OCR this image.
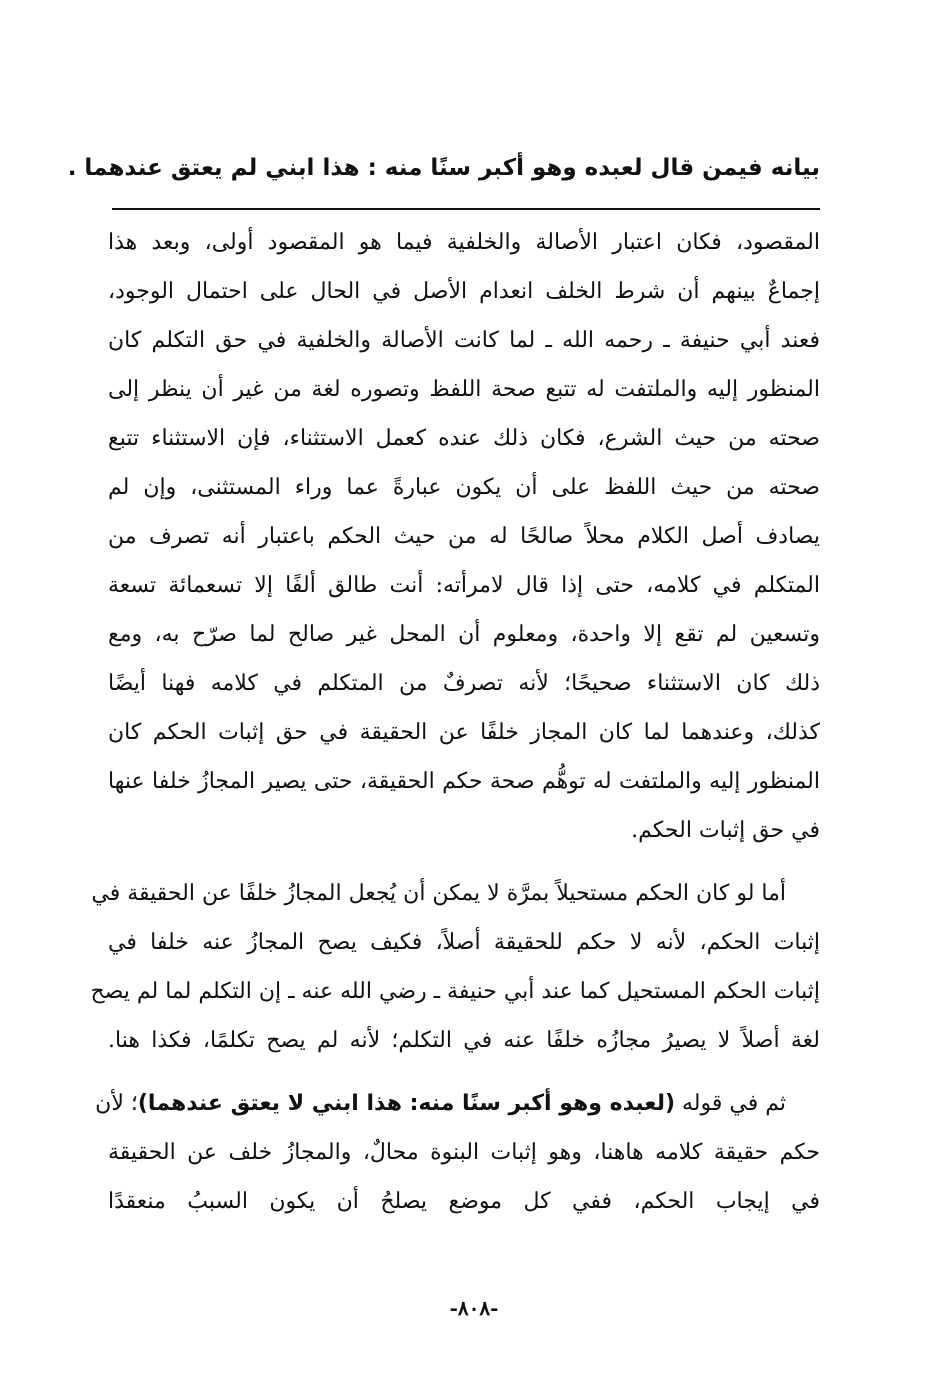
بيانه فيمن قال لعبده وهو أكبر سنًا منه : هذا ابني لم يعتق عندهما .
المقصود، فكان اعتبار الأصالة والخلفية فيما هو المقصود أولى، وبعد هذا
إجماعٌ بينهم أن شرط الخلف انعدام الأصل في الحال على احتمال الوجود،
فعند أبي حنيفة ـ رحمه الله ـ لما كانت الأصالة والخلفية في حق التكلم كان
المنظور إليه والملتفت له تتبع صحة اللفظ وتصوره لغة من غير أن ينظر إلى
صحته من حيث الشرع، فكان ذلك عنده كعمل الاستثناء، فإن الاستثناء تتبع
صحته من حيث اللفظ على أن يكون عبارةً عما وراء المستثنى، وإن لم
يصادف أصل الكلام محلاً صالحًا له من حيث الحكم باعتبار أنه تصرف من
المتكلم في كلامه، حتى إذا قال لامرأته: أنت طالق ألفًا إلا تسعمائة تسعة
وتسعين لم تقع إلا واحدة، ومعلوم أن المحل غير صالح لما صرّح به، ومع
ذلك كان الاستثناء صحيحًا؛ لأنه تصرفٌ من المتكلم في كلامه فهنا أيضًا
كذلك، وعندهما لما كان المجاز خلفًا عن الحقيقة في حق إثبات الحكم كان
المنظور إليه والملتفت له توهُّم صحة حكم الحقيقة، حتى يصير المجازُ خلفا عنها
في حق إثبات الحكم.
أما لو كان الحكم مستحيلاً بمرَّة لا يمكن أن يُجعل المجازُ خلفًا عن الحقيقة في
إثبات الحكم، لأنه لا حكم للحقيقة أصلاً، فكيف يصح المجازُ عنه خلفا في
إثبات الحكم المستحيل كما عند أبي حنيفة ـ رضي الله عنه ـ إن التكلم لما لم يصح
لغة أصلاً لا يصيرُ مجازُه خلفًا عنه في التكلم؛ لأنه لم يصح تكلمًا، فكذا هنا.
ثم في قوله (لعبده وهو أكبر سنًا منه: هذا ابني لا يعتق عندهما)؛ لأن
حكم حقيقة كلامه هاهنا، وهو إثبات البنوة محالٌ، والمجازُ خلف عن الحقيقة
في إيجاب الحكم، ففي كل موضع يصلحُ أن يكون السببُ منعقدًا
-٨٠٨-
